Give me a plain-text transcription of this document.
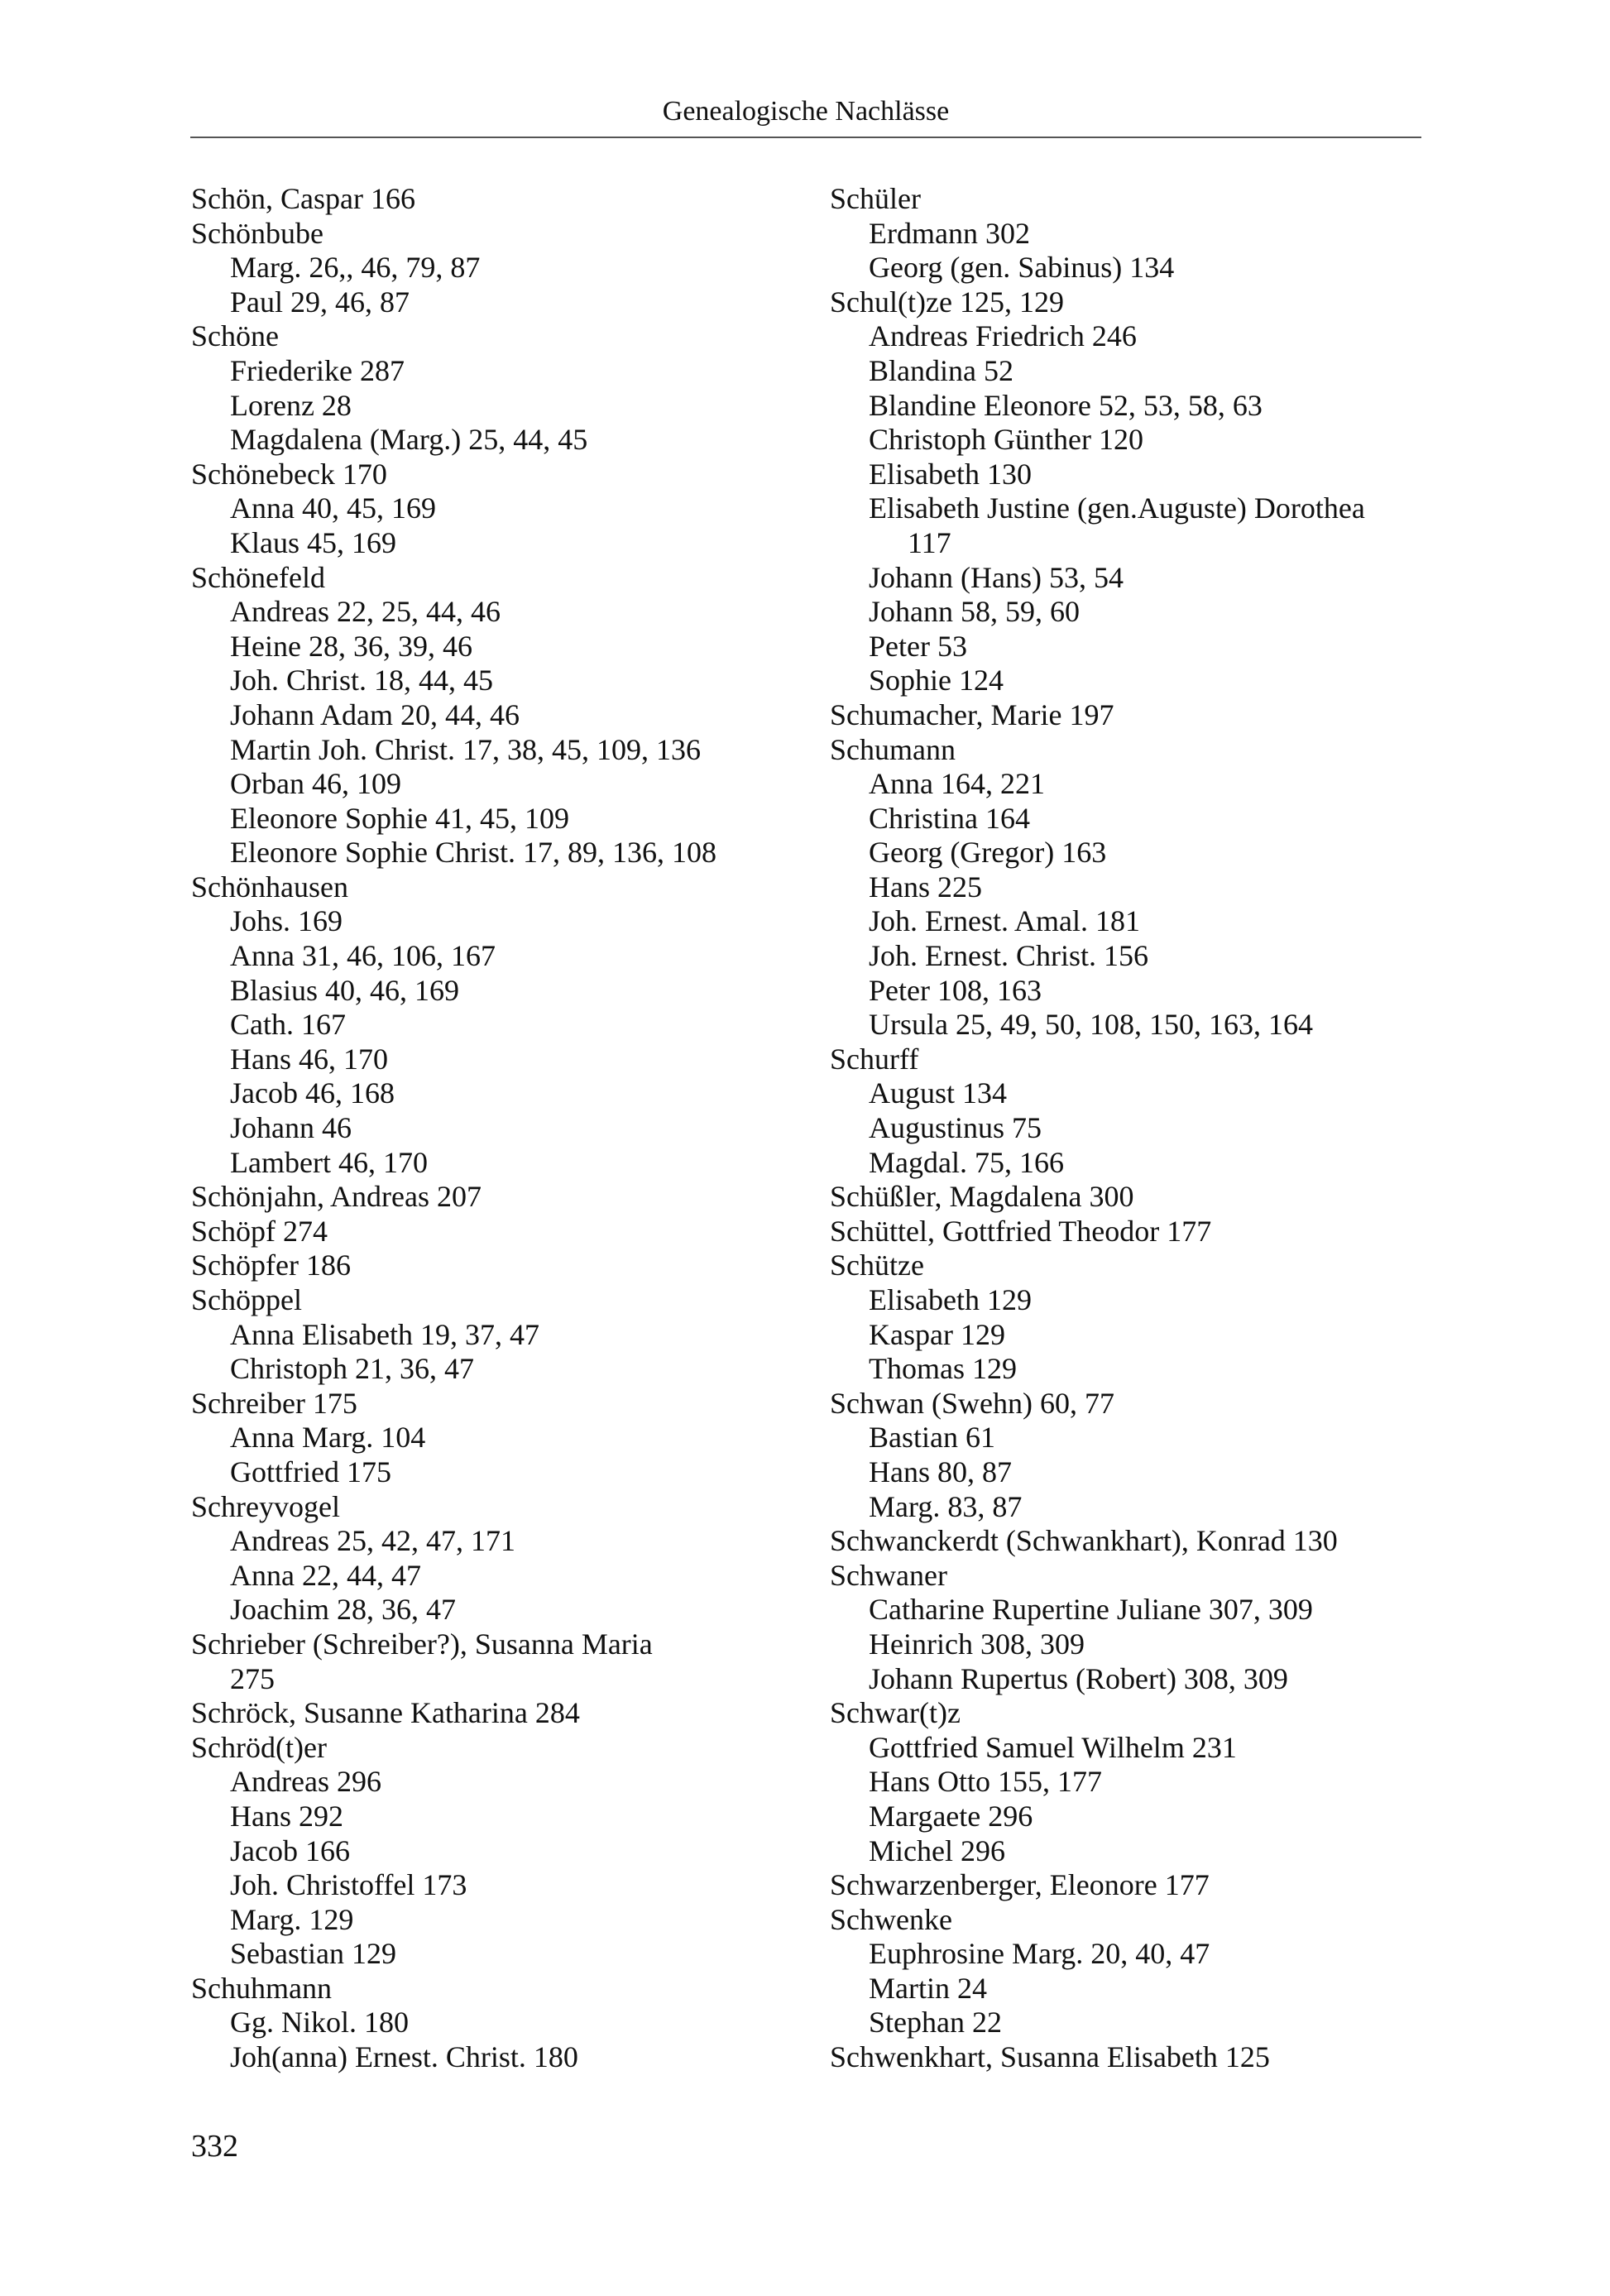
Genealogische Nachlässe
Schön, Caspar 166
Schönbube
Marg. 26,, 46, 79, 87
Paul 29, 46, 87
Schöne
Friederike 287
Lorenz 28
Magdalena (Marg.) 25, 44, 45
Schönebeck 170
Anna 40, 45, 169
Klaus 45, 169
Schönefeld
Andreas 22, 25, 44, 46
Heine 28, 36, 39, 46
Joh. Christ. 18, 44, 45
Johann Adam 20, 44, 46
Martin Joh. Christ. 17, 38, 45, 109, 136
Orban 46, 109
Eleonore Sophie 41, 45, 109
Eleonore Sophie Christ. 17, 89, 136, 108
Schönhausen
Johs. 169
Anna 31, 46, 106, 167
Blasius 40, 46, 169
Cath. 167
Hans 46, 170
Jacob 46, 168
Johann 46
Lambert 46, 170
Schönjahn, Andreas 207
Schöpf 274
Schöpfer 186
Schöppel
Anna Elisabeth 19, 37, 47
Christoph 21, 36, 47
Schreiber 175
Anna Marg. 104
Gottfried 175
Schreyvogel
Andreas 25, 42, 47, 171
Anna 22, 44, 47
Joachim 28, 36, 47
Schrieber (Schreiber?), Susanna Maria
275
Schröck, Susanne Katharina 284
Schröd(t)er
Andreas 296
Hans 292
Jacob 166
Joh. Christoffel 173
Marg. 129
Sebastian 129
Schuhmann
Gg. Nikol. 180
Joh(anna) Ernest. Christ. 180
Schüler
Erdmann 302
Georg (gen. Sabinus) 134
Schul(t)ze 125, 129
Andreas Friedrich 246
Blandina 52
Blandine Eleonore 52, 53, 58, 63
Christoph Günther 120
Elisabeth 130
Elisabeth Justine (gen.Auguste) Dorothea
117
Johann (Hans) 53, 54
Johann 58, 59, 60
Peter 53
Sophie 124
Schumacher, Marie 197
Schumann
Anna 164, 221
Christina 164
Georg (Gregor) 163
Hans 225
Joh. Ernest. Amal. 181
Joh. Ernest. Christ. 156
Peter 108, 163
Ursula 25, 49, 50, 108, 150, 163, 164
Schurff
August 134
Augustinus 75
Magdal. 75, 166
Schüßler, Magdalena 300
Schüttel, Gottfried Theodor 177
Schütze
Elisabeth 129
Kaspar 129
Thomas 129
Schwan (Swehn) 60, 77
Bastian 61
Hans 80, 87
Marg. 83, 87
Schwanckerdt (Schwankhart), Konrad 130
Schwaner
Catharine Rupertine Juliane 307, 309
Heinrich 308, 309
Johann Rupertus (Robert) 308, 309
Schwar(t)z
Gottfried Samuel Wilhelm 231
Hans Otto 155, 177
Margaete 296
Michel 296
Schwarzenberger, Eleonore 177
Schwenke
Euphrosine Marg. 20, 40, 47
Martin 24
Stephan 22
Schwenkhart, Susanna Elisabeth 125
332
